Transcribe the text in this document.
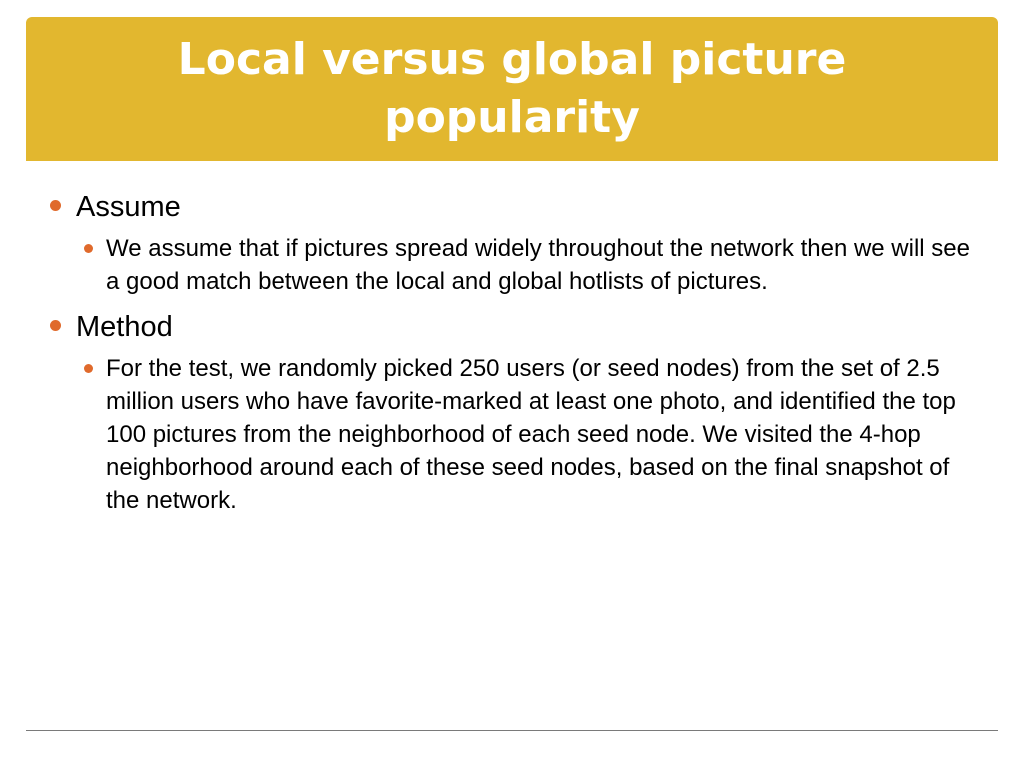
Local versus global picture popularity
Assume
We assume that if pictures spread widely throughout the network then we will see a good match between the local and global hotlists of pictures.
Method
For the test, we randomly picked 250 users (or seed nodes) from the set of 2.5 million users who have favorite-marked at least one photo, and identified the top 100 pictures from the neighborhood of each seed node. We visited the 4-hop neighborhood around each of these seed nodes, based on the final snapshot of the network.
